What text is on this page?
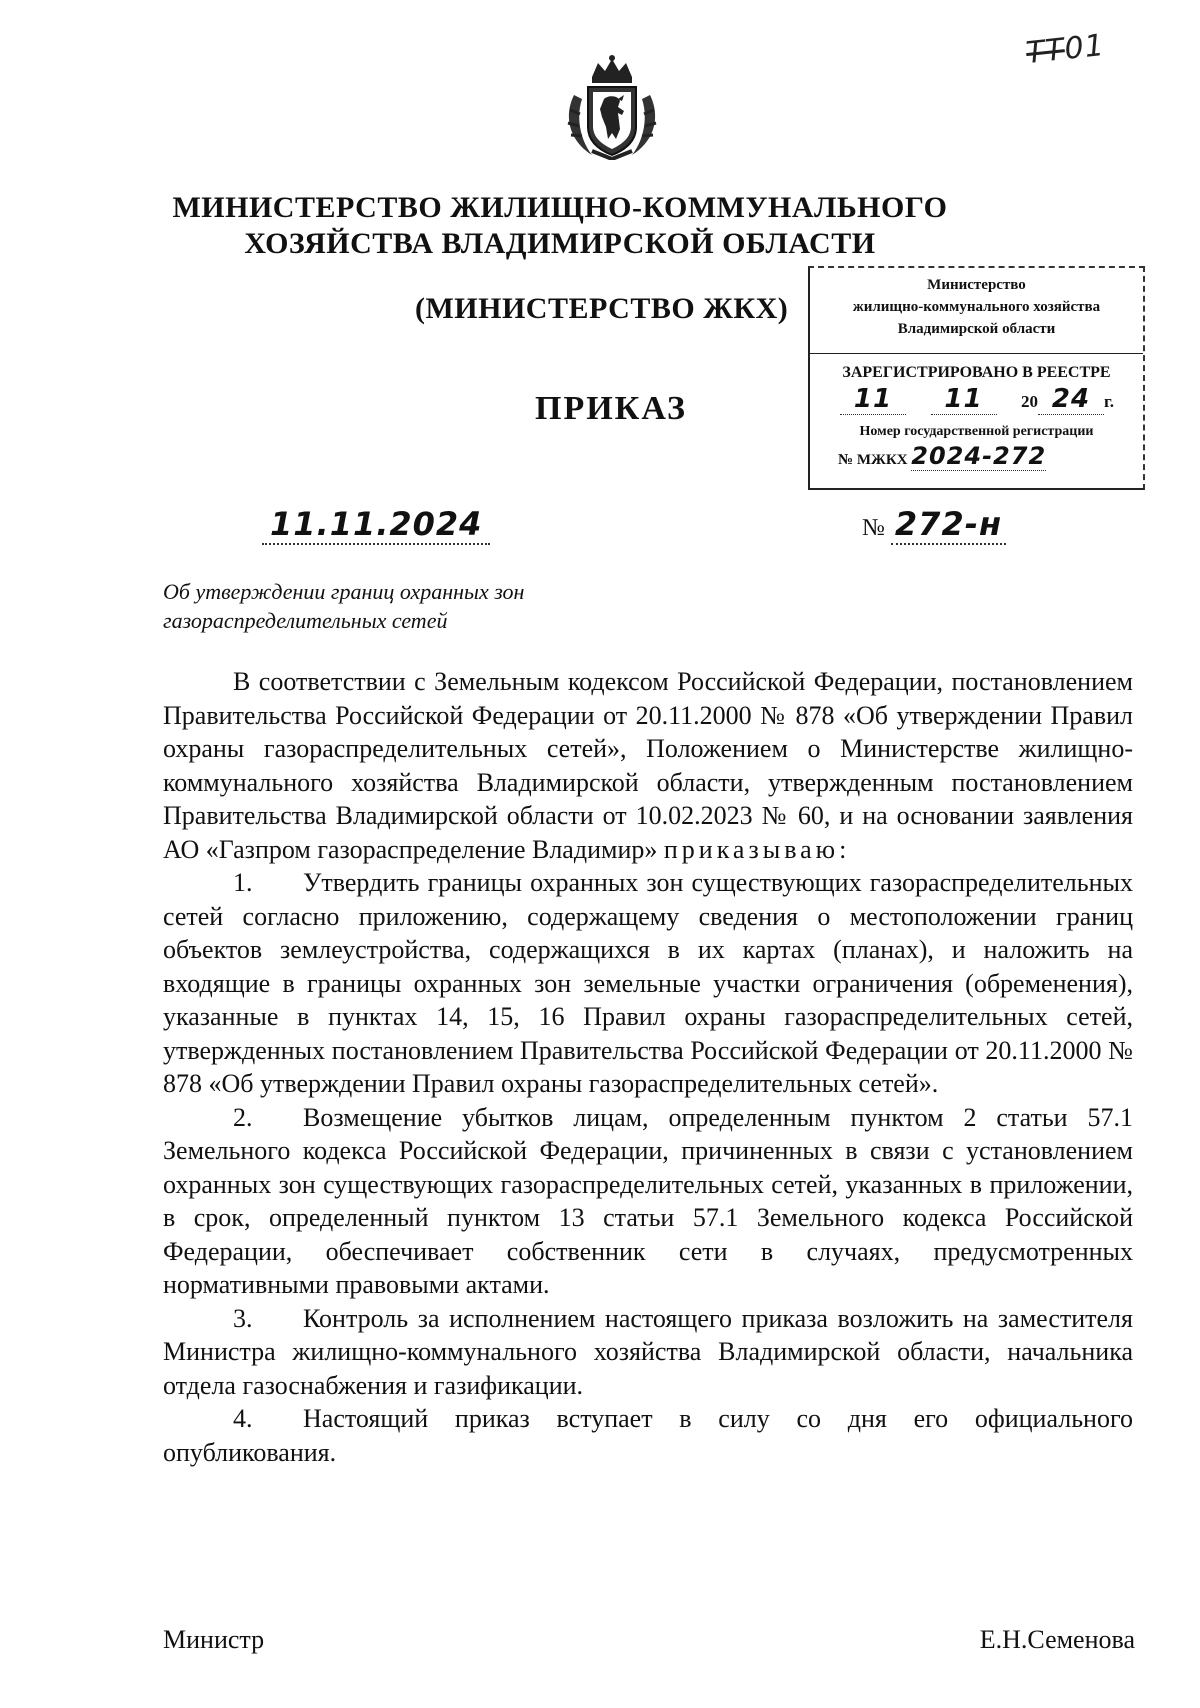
ТТ01
МИНИСТЕРСТВО ЖИЛИЩНО-КОММУНАЛЬНОГО
ХОЗЯЙСТВА ВЛАДИМИРСКОЙ ОБЛАСТИ
(МИНИСТЕРСТВО ЖКХ)
ПРИКАЗ
Министерство
жилищно-коммунального хозяйства
Владимирской области
ЗАРЕГИСТРИРОВАНО В РЕЕСТРЕ
11 11 20 24 г.
Номер государственной регистрации
№ МЖКХ 2024-272
11.11.2024	№ 272-н
Об утверждении границ охранных зон
газораспределительных сетей

В соответствии с Земельным кодексом Российской Федерации, постановлением Правительства Российской Федерации от 20.11.2000 № 878 «Об утверждении Правил охраны газораспределительных сетей», Положением о Министерстве жилищно-коммунального хозяйства Владимирской области, утвержденным постановлением Правительства Владимирской области от 10.02.2023 № 60, и на основании заявления АО «Газпром газораспределение Владимир» приказываю:

1. Утвердить границы охранных зон существующих газораспределительных сетей согласно приложению, содержащему сведения о местоположении границ объектов землеустройства, содержащихся в их картах (планах), и наложить на входящие в границы охранных зон земельные участки ограничения (обременения), указанные в пунктах 14, 15, 16 Правил охраны газораспределительных сетей, утвержденных постановлением Правительства Российской Федерации от 20.11.2000 № 878 «Об утверждении Правил охраны газораспределительных сетей».

2. Возмещение убытков лицам, определенным пунктом 2 статьи 57.1 Земельного кодекса Российской Федерации, причиненных в связи с установлением охранных зон существующих газораспределительных сетей, указанных в приложении, в срок, определенный пунктом 13 статьи 57.1 Земельного кодекса Российской Федерации, обеспечивает собственник сети в случаях, предусмотренных нормативными правовыми актами.

3. Контроль за исполнением настоящего приказа возложить на заместителя Министра жилищно-коммунального хозяйства Владимирской области, начальника отдела газоснабжения и газификации.

4. Настоящий приказ вступает в силу со дня его официального опубликования.

Министр	Е.Н.Семенова
